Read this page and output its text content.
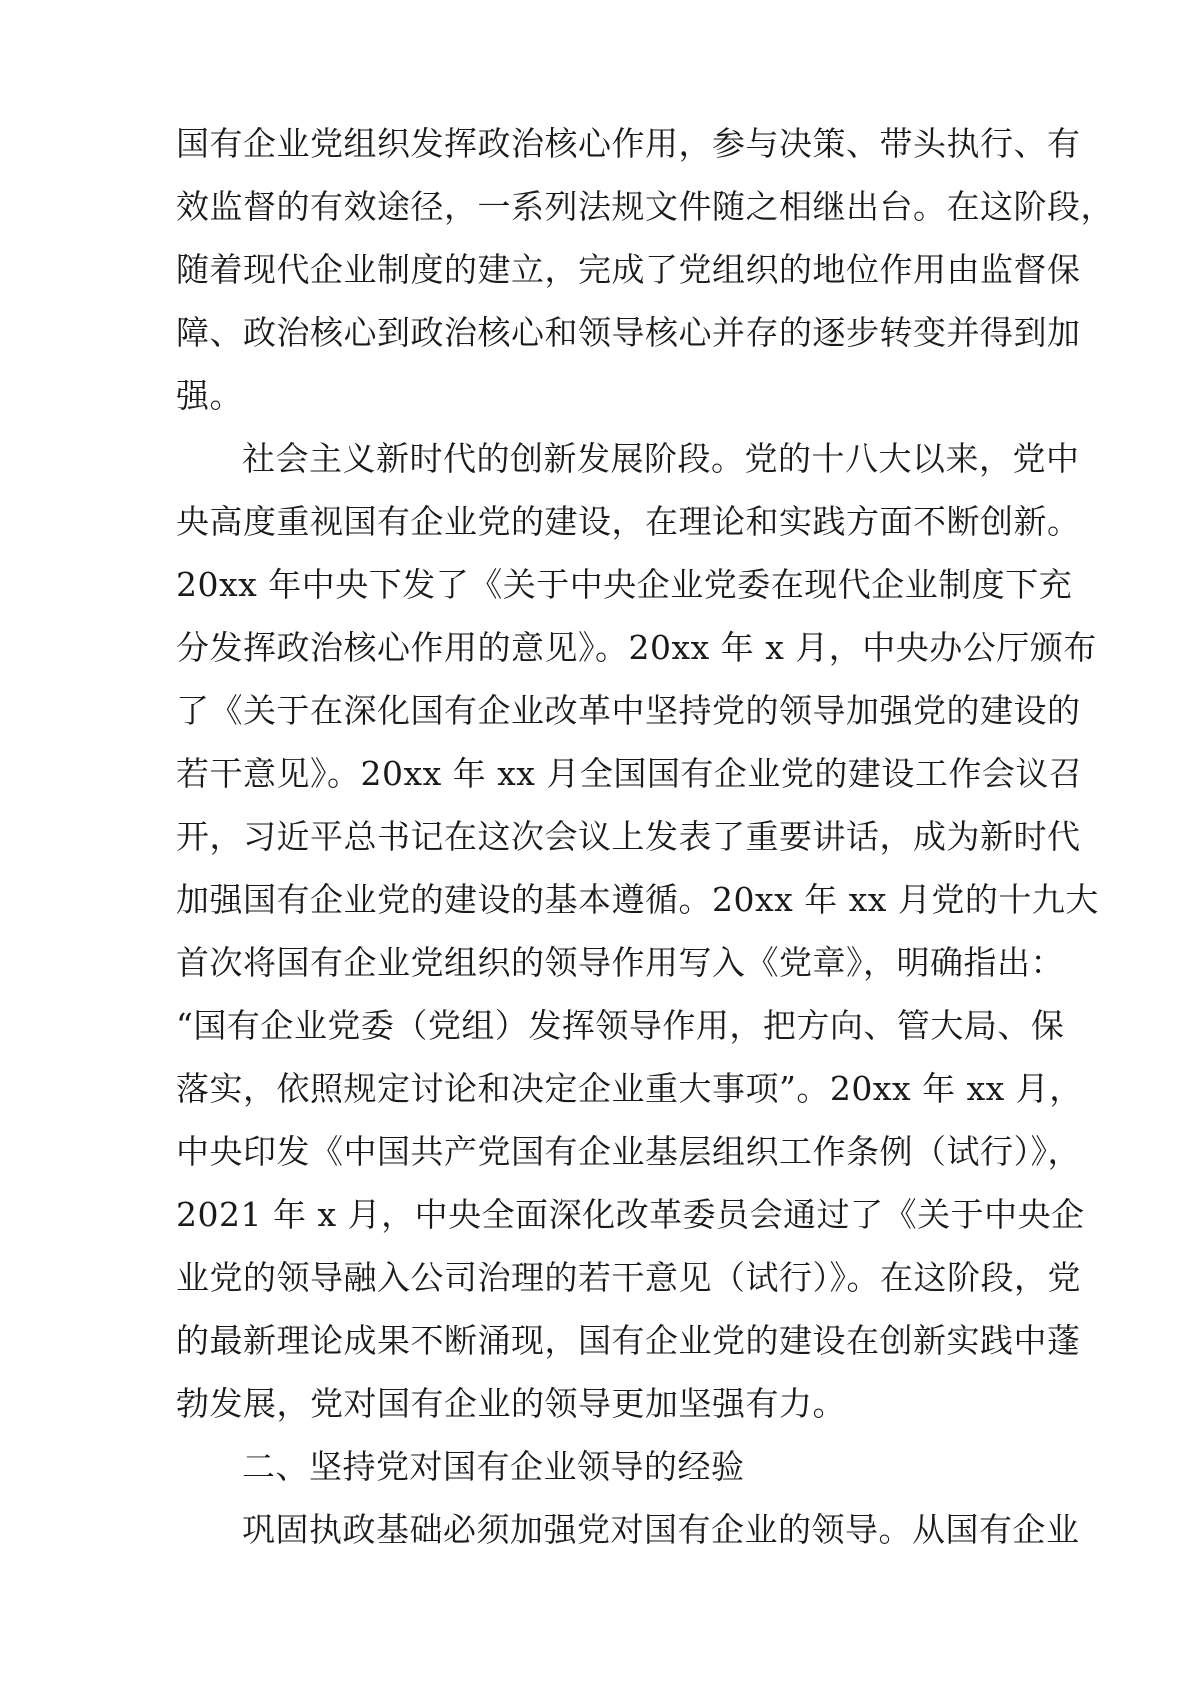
国有企业党组织发挥政治核心作用，参与决策、带头执行、有
效监督的有效途径，一系列法规文件随之相继出台。在这阶段，
随着现代企业制度的建立，完成了党组织的地位作用由监督保
障、政治核心到政治核心和领导核心并存的逐步转变并得到加
强。
社会主义新时代的创新发展阶段。党的十八大以来，党中
央高度重视国有企业党的建设，在理论和实践方面不断创新。
20xx 年中央下发了《关于中央企业党委在现代企业制度下充
分发挥政治核心作用的意见》。20xx 年 x 月，中央办公厅颁布
了《关于在深化国有企业改革中坚持党的领导加强党的建设的
若干意见》。20xx 年 xx 月全国国有企业党的建设工作会议召
开，习近平总书记在这次会议上发表了重要讲话，成为新时代
加强国有企业党的建设的基本遵循。20xx 年 xx 月党的十九大
首次将国有企业党组织的领导作用写入《党章》，明确指出：
“国有企业党委（党组）发挥领导作用，把方向、管大局、保
落实，依照规定讨论和决定企业重大事项”。20xx 年 xx 月，
中央印发《中国共产党国有企业基层组织工作条例（试行）》，
2021 年 x 月，中央全面深化改革委员会通过了《关于中央企
业党的领导融入公司治理的若干意见（试行）》。在这阶段，党
的最新理论成果不断涌现，国有企业党的建设在创新实践中蓬
勃发展，党对国有企业的领导更加坚强有力。
二、坚持党对国有企业领导的经验
巩固执政基础必须加强党对国有企业的领导。从国有企业
